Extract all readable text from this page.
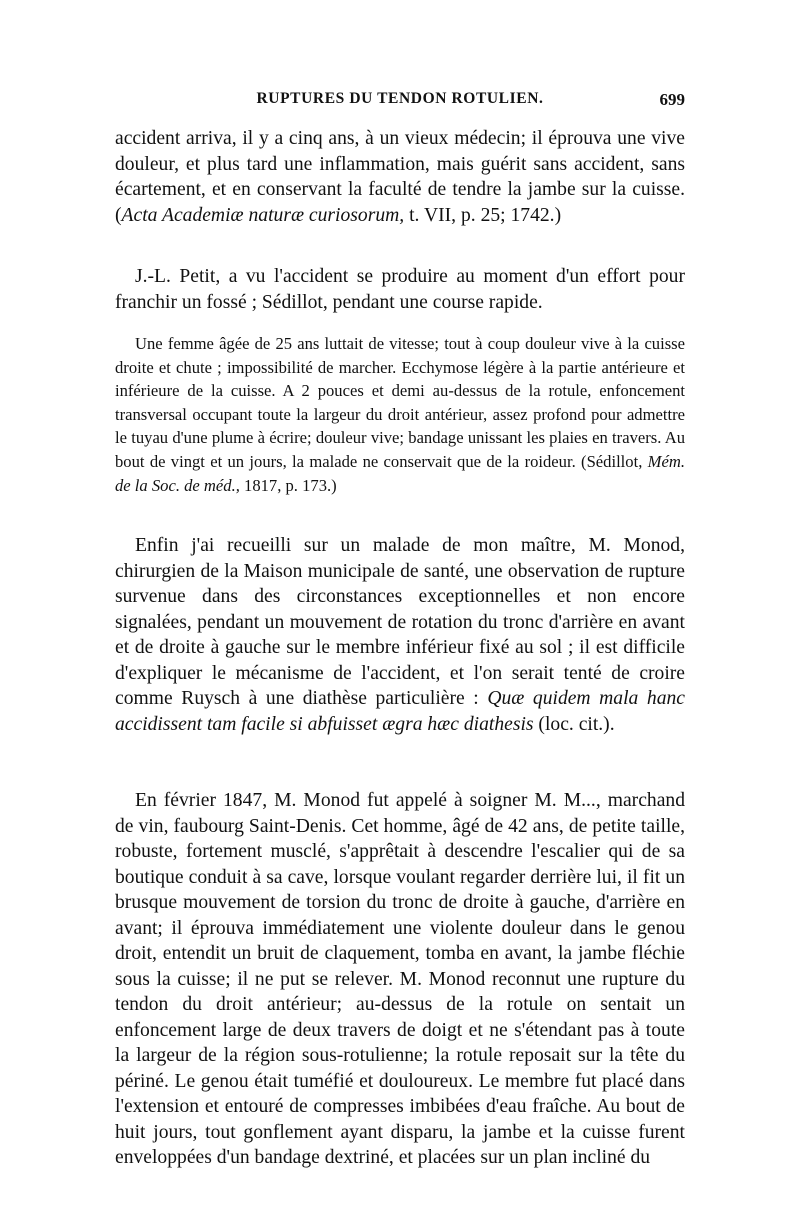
RUPTURES DU TENDON ROTULIEN.	699

accident arriva, il y a cinq ans, à un vieux médecin; il éprouva une vive douleur, et plus tard une inflammation, mais guérit sans accident, sans écartement, et en conservant la faculté de tendre la jambe sur la cuisse. (Acta Academiæ naturæ curiosorum, t. VII, p. 25; 1742.)

J.-L. Petit, a vu l'accident se produire au moment d'un effort pour franchir un fossé ; Sédillot, pendant une course rapide.

Une femme âgée de 25 ans luttait de vitesse; tout à coup douleur vive à la cuisse droite et chute ; impossibilité de marcher. Ecchymose légère à la partie antérieure et inférieure de la cuisse. A 2 pouces et demi au-dessus de la rotule, enfoncement transversal occupant toute la largeur du droit antérieur, assez profond pour admettre le tuyau d'une plume à écrire; douleur vive; bandage unissant les plaies en travers. Au bout de vingt et un jours, la malade ne conservait que de la roideur. (Sédillot, Mém. de la Soc. de méd., 1817, p. 173.)

Enfin j'ai recueilli sur un malade de mon maître, M. Monod, chirurgien de la Maison municipale de santé, une observation de rupture survenue dans des circonstances exceptionnelles et non encore signalées, pendant un mouvement de rotation du tronc d'arrière en avant et de droite à gauche sur le membre inférieur fixé au sol ; il est difficile d'expliquer le mécanisme de l'accident, et l'on serait tenté de croire comme Ruysch à une diathèse particulière : Quæ quidem mala hanc accidissent tam facile si abfuisset ægra hæc diathesis (loc. cit.).

En février 1847, M. Monod fut appelé à soigner M. M..., marchand de vin, faubourg Saint-Denis. Cet homme, âgé de 42 ans, de petite taille, robuste, fortement musclé, s'apprêtait à descendre l'escalier qui de sa boutique conduit à sa cave, lorsque voulant regarder derrière lui, il fit un brusque mouvement de torsion du tronc de droite à gauche, d'arrière en avant; il éprouva immédiatement une violente douleur dans le genou droit, entendit un bruit de claquement, tomba en avant, la jambe fléchie sous la cuisse; il ne put se relever. M. Monod reconnut une rupture du tendon du droit antérieur; au-dessus de la rotule on sentait un enfoncement large de deux travers de doigt et ne s'étendant pas à toute la largeur de la région sous-rotulienne; la rotule reposait sur la tête du périné. Le genou était tuméfié et douloureux. Le membre fut placé dans l'extension et entouré de compresses imbibées d'eau fraîche. Au bout de huit jours, tout gonflement ayant disparu, la jambe et la cuisse furent enveloppées d'un bandage dextriné, et placées sur un plan incliné du
